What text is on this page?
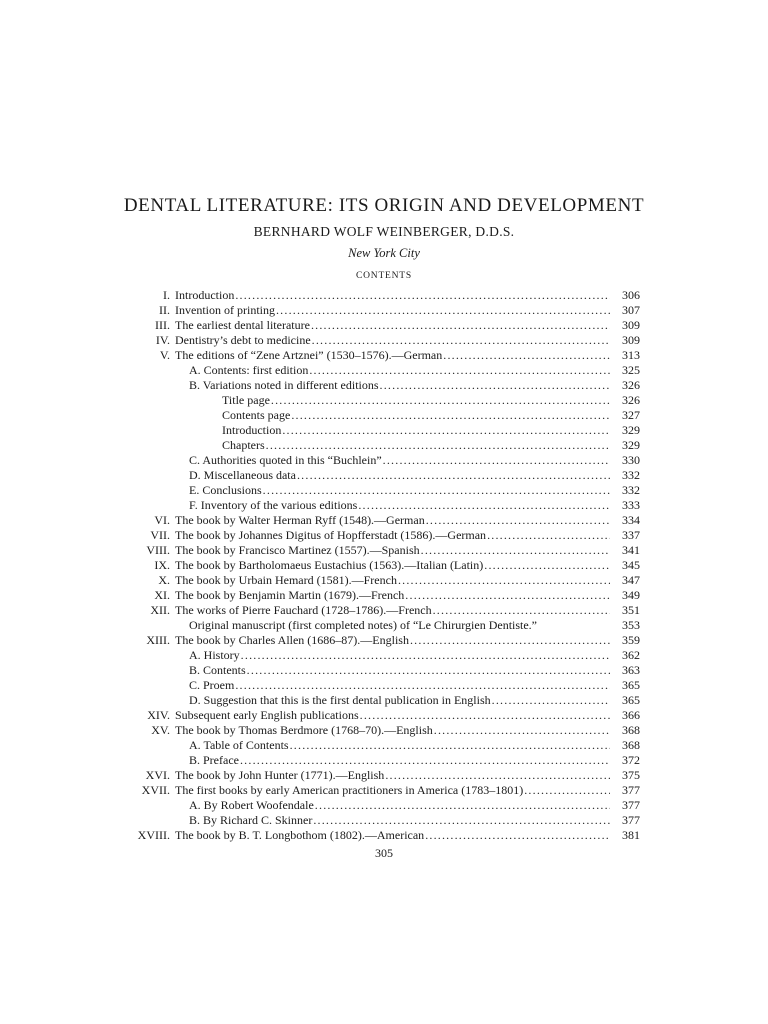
DENTAL LITERATURE: ITS ORIGIN AND DEVELOPMENT
BERNHARD WOLF WEINBERGER, D.D.S.
New York City
CONTENTS
I. Introduction .....	306
II. Invention of printing .....	307
III. The earliest dental literature .....	309
IV. Dentistry’s debt to medicine .....	309
V. The editions of “Zene Artznei” (1530–1576).—German .....	313
A. Contents: first edition .....	325
B. Variations noted in different editions .....	326
Title page .....	326
Contents page .....	327
Introduction .....	329
Chapters .....	329
C. Authorities quoted in this “Buchlein” .....	330
D. Miscellaneous data .....	332
E. Conclusions .....	332
F. Inventory of the various editions .....	333
VI. The book by Walter Herman Ryff (1548).—German .....	334
VII. The book by Johannes Digitus of Hopfferstadt (1586).—German .....	337
VIII. The book by Francisco Martinez (1557).—Spanish .....	341
IX. The book by Bartholomaeus Eustachius (1563).—Italian (Latin) .....	345
X. The book by Urbain Hemard (1581).—French .....	347
XI. The book by Benjamin Martin (1679).—French .....	349
XII. The works of Pierre Fauchard (1728–1786).—French .....	351
Original manuscript (first completed notes) of “Le Chirurgien Dentiste.”	353
XIII. The book by Charles Allen (1686–87).—English .....	359
A. History .....	362
B. Contents .....	363
C. Proem .....	365
D. Suggestion that this is the first dental publication in English .....	365
XIV. Subsequent early English publications .....	366
XV. The book by Thomas Berdmore (1768–70).—English .....	368
A. Table of Contents .....	368
B. Preface .....	372
XVI. The book by John Hunter (1771).—English .....	375
XVII. The first books by early American practitioners in America (1783–1801) .....	377
A. By Robert Woofendale .....	377
B. By Richard C. Skinner .....	377
XVIII. The book by B. T. Longbothom (1802).—American .....	381
305
